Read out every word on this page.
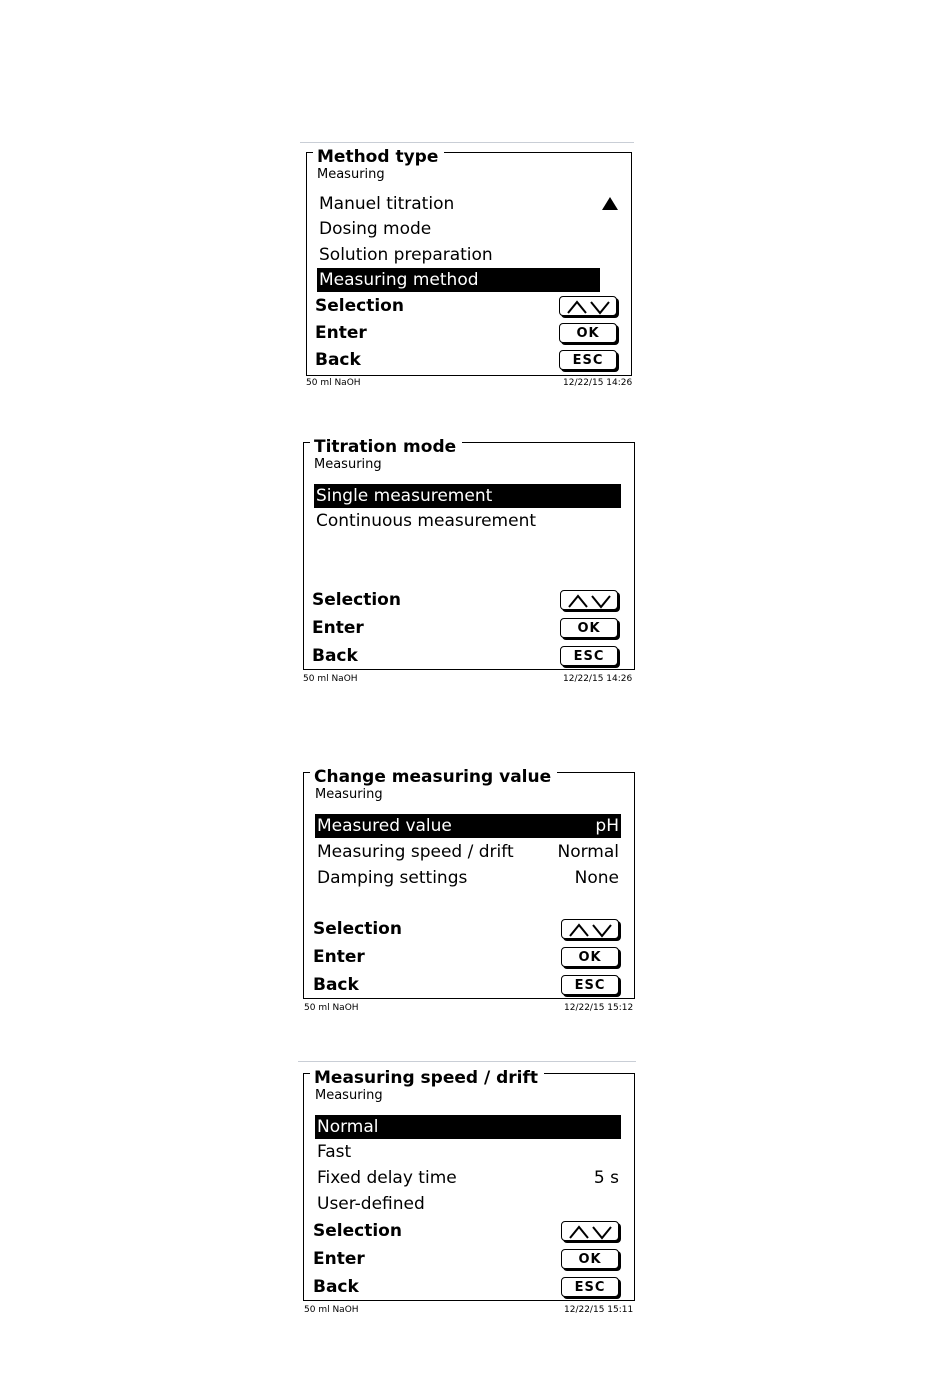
Method type
Measuring
Manuel titration
Dosing mode
Solution preparation
Measuring method
Selection
Enter
Back
OK
ESC
50 ml NaOH	12/22/15 14:26
Titration mode
Measuring
Single measurement
Continuous measurement
Selection
Enter
Back
OK
ESC
50 ml NaOH	12/22/15 14:26
Change measuring value
Measuring
Measured value	pH
Measuring speed / drift	Normal
Damping settings	None
Selection
Enter
Back
OK
ESC
50 ml NaOH	12/22/15 15:12
Measuring speed / drift
Measuring
Normal
Fast
Fixed delay time	5 s
User-defined
Selection
Enter
Back
OK
ESC
50 ml NaOH	12/22/15 15:11
